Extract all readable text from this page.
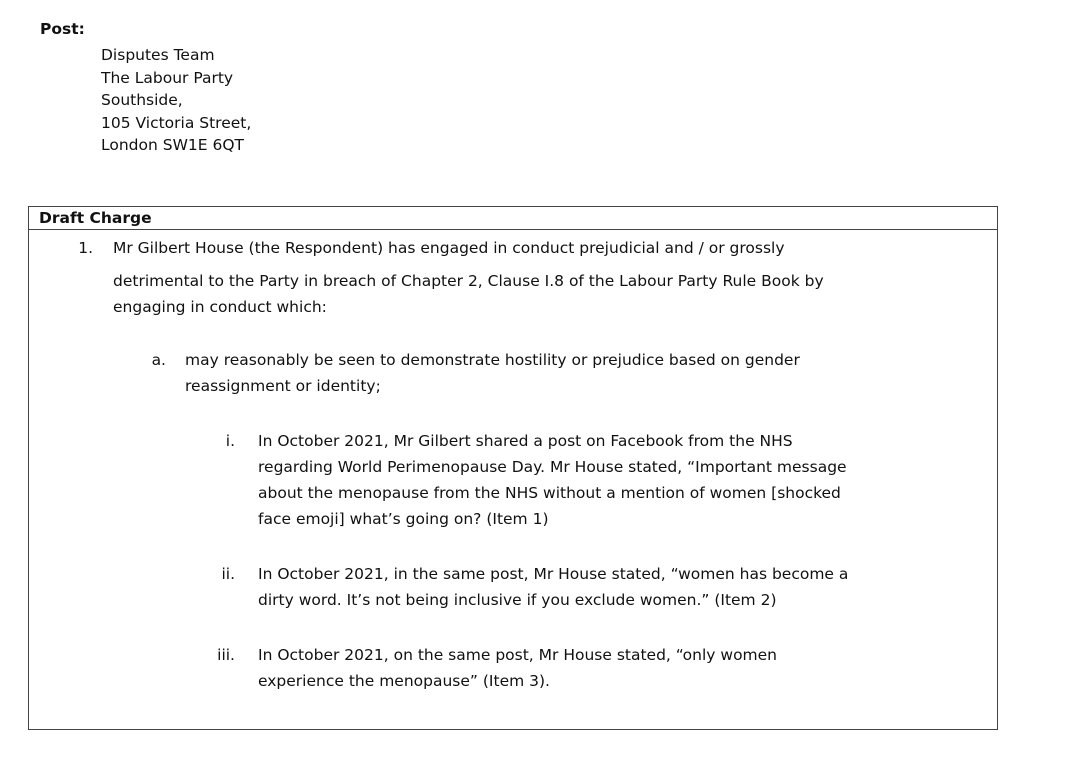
Post:
Disputes Team
The Labour Party
Southside,
105 Victoria Street,
London SW1E 6QT
Draft Charge
1. Mr Gilbert House (the Respondent) has engaged in conduct prejudicial and / or grossly
detrimental to the Party in breach of Chapter 2, Clause I.8 of the Labour Party Rule Book by
engaging in conduct which:
a. may reasonably be seen to demonstrate hostility or prejudice based on gender
reassignment or identity;
i. In October 2021, Mr Gilbert shared a post on Facebook from the NHS
regarding World Perimenopause Day. Mr House stated, “Important message
about the menopause from the NHS without a mention of women [shocked
face emoji] what’s going on? (Item 1)
ii. In October 2021, in the same post, Mr House stated, “women has become a
dirty word. It’s not being inclusive if you exclude women.” (Item 2)
iii. In October 2021, on the same post, Mr House stated, “only women
experience the menopause” (Item 3).
